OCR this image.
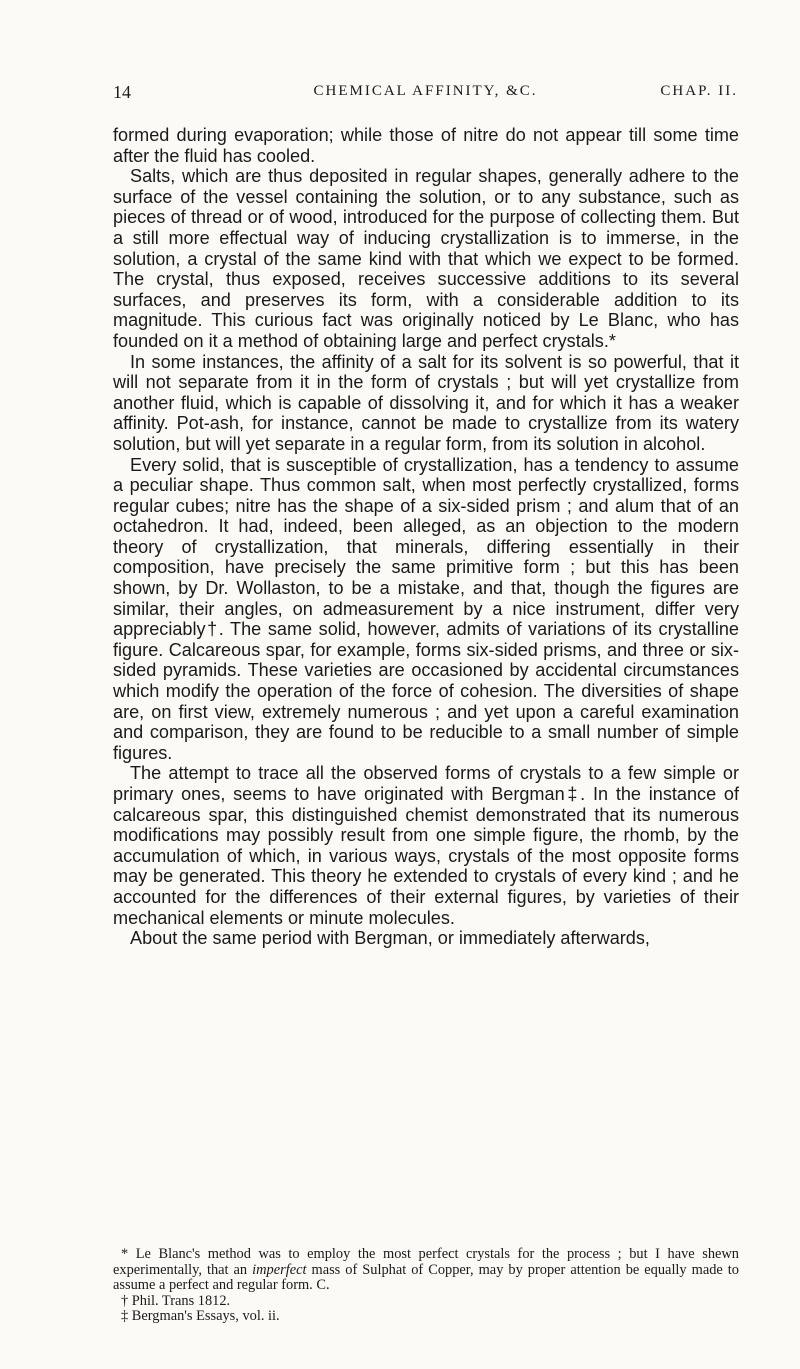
14	CHEMICAL AFFINITY, &C.	CHAP. II.

formed during evaporation; while those of nitre do not appear till some time after the fluid has cooled.

Salts, which are thus deposited in regular shapes, generally adhere to the surface of the vessel containing the solution, or to any substance, such as pieces of thread or of wood, introduced for the purpose of collecting them. But a still more effectual way of inducing crystallization is to immerse, in the solution, a crystal of the same kind with that which we expect to be formed. The crystal, thus exposed, receives successive additions to its several surfaces, and preserves its form, with a considerable addition to its magnitude. This curious fact was originally noticed by Le Blanc, who has founded on it a method of obtaining large and perfect crystals.*

In some instances, the affinity of a salt for its solvent is so powerful, that it will not separate from it in the form of crystals ; but will yet crystallize from another fluid, which is capable of dissolving it, and for which it has a weaker affinity. Pot-ash, for instance, cannot be made to crystallize from its watery solution, but will yet separate in a regular form, from its solution in alcohol.

Every solid, that is susceptible of crystallization, has a tendency to assume a peculiar shape. Thus common salt, when most perfectly crystallized, forms regular cubes; nitre has the shape of a six-sided prism ; and alum that of an octahedron. It had, indeed, been alleged, as an objection to the modern theory of crystallization, that minerals, differing essentially in their composition, have precisely the same primitive form ; but this has been shown, by Dr. Wollaston, to be a mistake, and that, though the figures are similar, their angles, on admeasurement by a nice instrument, differ very appreciably†. The same solid, however, admits of variations of its crystalline figure. Calcareous spar, for example, forms six-sided prisms, and three or six-sided pyramids. These varieties are occasioned by accidental circumstances which modify the operation of the force of cohesion. The diversities of shape are, on first view, extremely numerous ; and yet upon a careful examination and comparison, they are found to be reducible to a small number of simple figures.

The attempt to trace all the observed forms of crystals to a few simple or primary ones, seems to have originated with Bergman‡. In the instance of calcareous spar, this distinguished chemist demonstrated that its numerous modifications may possibly result from one simple figure, the rhomb, by the accumulation of which, in various ways, crystals of the most opposite forms may be generated. This theory he extended to crystals of every kind ; and he accounted for the differences of their external figures, by varieties of their mechanical elements or minute molecules.

About the same period with Bergman, or immediately afterwards,

* Le Blanc's method was to employ the most perfect crystals for the process ; but I have shewn experimentally, that an imperfect mass of Sulphat of Copper, may by proper attention be equally made to assume a perfect and regular form. C.

† Phil. Trans 1812.

‡ Bergman's Essays, vol. ii.
